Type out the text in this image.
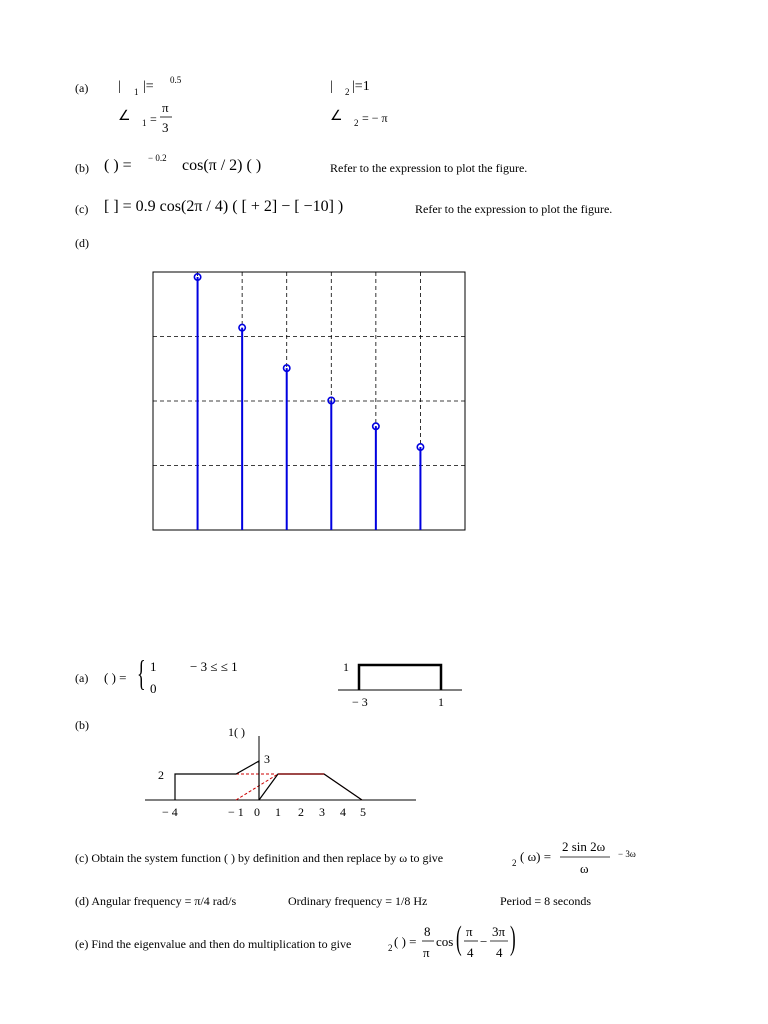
(a) | 1 |= 0.5	| 2 |=1
∠ 1 =
π
3
∠ 2 = − π
(b) ( ) = − 0.2 cos(π / 2) ( )	Refer to the expression to plot the figure.
(c) [ ] = 0.9 cos(2π / 4) ( [ + 2] − [ −10] )	Refer to the expression to plot the figure.
(d)
(a) ( ) = { 1	− 3 ≤ ≤ 1
0
1
− 3	1
(b)	1( )
3
2
− 4	− 1 0 1 2 3 4 5
(c) Obtain the system function ( ) by definition and then replace by ω to give	2 ( ω) =
2 sin 2ω
ω
− 3ω
(d) Angular frequency = π/4 rad/s	Ordinary frequency = 1/8 Hz	Period = 8 seconds
(e) Find the eigenvalue and then do multiplication to give	2 ( ) =
8
π
cos ( π
4
−
3π
4 )
